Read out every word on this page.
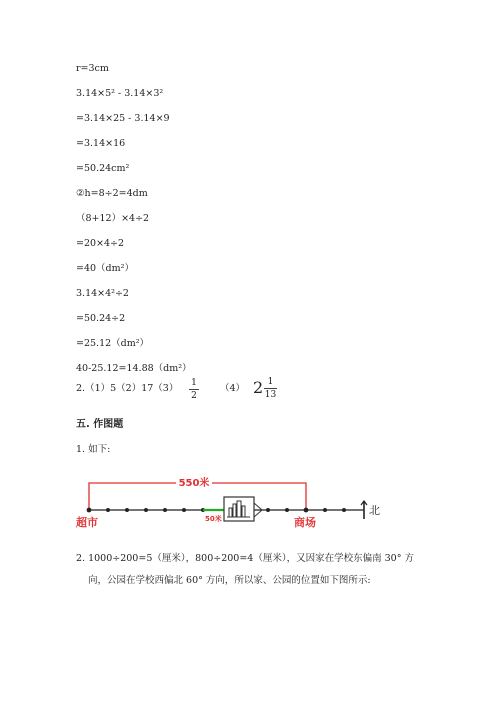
r=3cm
3.14×5² - 3.14×3²
=3.14×25 - 3.14×9
=3.14×16
=50.24cm²
②h=8÷2=4dm
（8+12）×4÷2
=20×4÷2
=40（dm²）
3.14×4²÷2
=50.24÷2
=25.12（dm²）
40-25.12=14.88（dm²）
2.（1）5（2）17（3） 1
2
（4） 2 1
13
五. 作图题
1. 如下:
550米
50米
北
超市	商场
2. 1000÷200=5（厘米），800÷200=4（厘米），又因家在学校东偏南 30° 方
向，公园在学校西偏北 60° 方向，所以家、公园的位置如下图所示:
